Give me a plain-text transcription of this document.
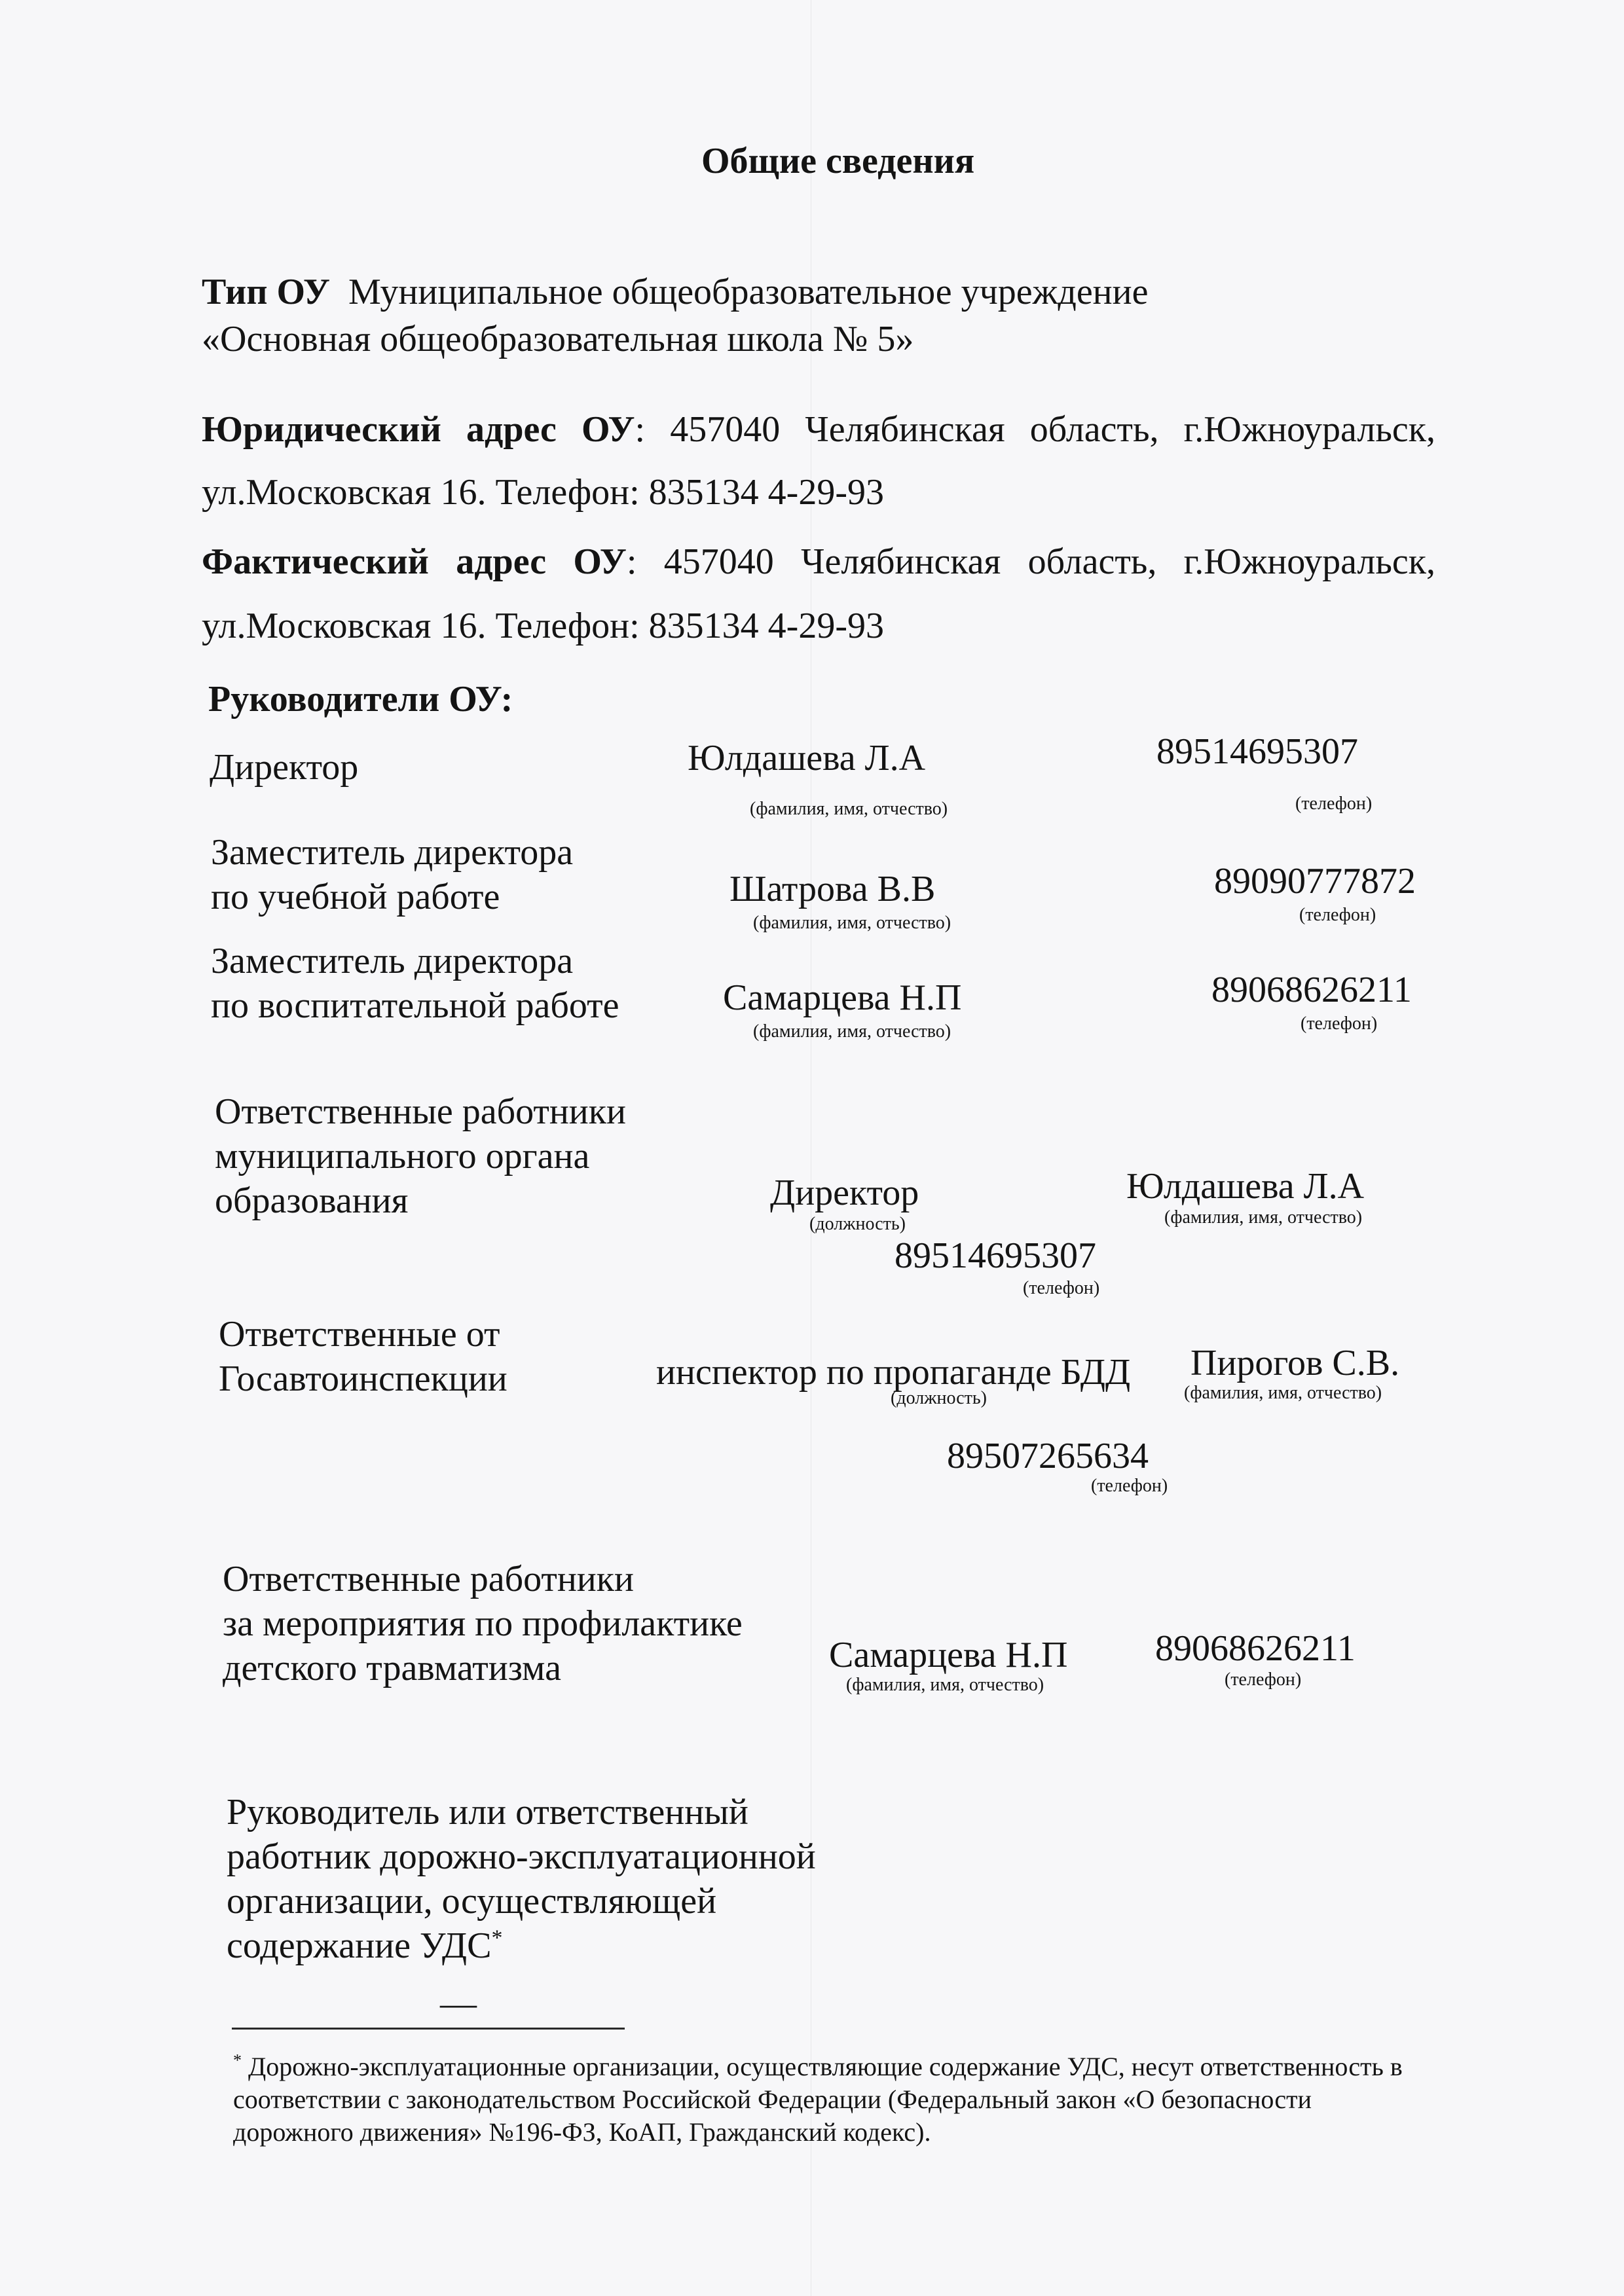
Общие сведения
Тип ОУ Муниципальное общеобразовательное учреждение
«Основная общеобразовательная школа № 5»
Юридический адрес ОУ: 457040 Челябинская область, г.Южноуральск,
ул.Московская 16. Телефон: 835134 4-29-93
Фактический адрес ОУ: 457040 Челябинская область, г.Южноуральск,
ул.Московская 16. Телефон: 835134 4-29-93
Руководители ОУ:
Директор	Юлдашева Л.А
(фамилия, имя, отчество)
89514695307
(телефон)
Заместитель директора
по учебной работе	Шатрова В.В
(фамилия, имя, отчество)
89090777872
(телефон)
Заместитель директора
по воспитательной работе	Самарцева Н.П
(фамилия, имя, отчество)
89068626211
(телефон)
Ответственные работники
муниципального органа
образования	Директор
(должность)
Юлдашева Л.А
(фамилия, имя, отчество)
89514695307
(телефон)
Ответственные от
Госавтоинспекции	инспектор по пропаганде БДД
(должность)
Пирогов С.В.
(фамилия, имя, отчество)
89507265634
(телефон)
Ответственные работники
за мероприятия по профилактике
детского травматизма	Самарцева Н.П
(фамилия, имя, отчество)
89068626211
(телефон)
Руководитель или ответственный
работник дорожно-эксплуатационной
организации, осуществляющей
содержание УДС*
—
* Дорожно-эксплуатационные организации, осуществляющие содержание УДС, несут ответственность в
соответствии с законодательством Российской Федерации (Федеральный закон «О безопасности
дорожного движения» №196-ФЗ, КоАП, Гражданский кодекс).
